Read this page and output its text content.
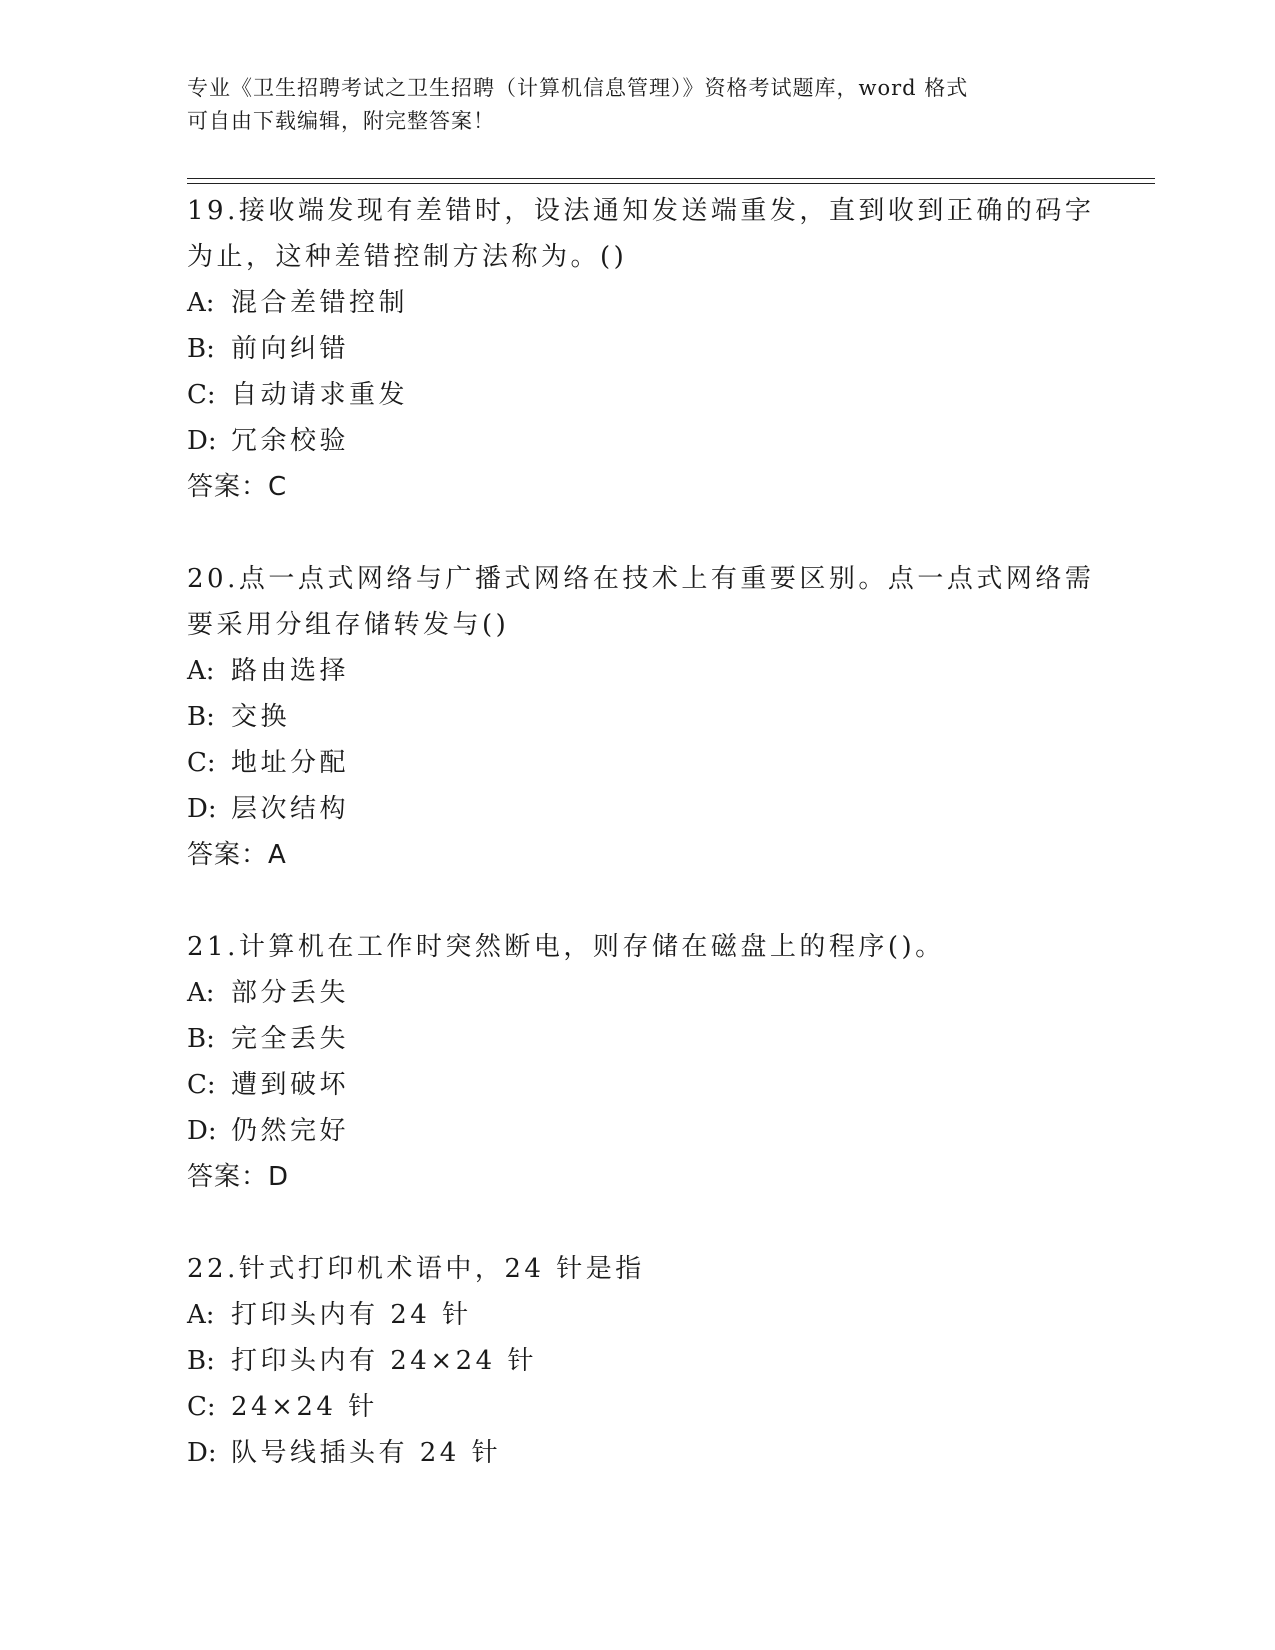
专业《卫生招聘考试之卫生招聘（计算机信息管理）》资格考试题库，word 格式
可自由下载编辑，附完整答案！
19.接收端发现有差错时，设法通知发送端重发，直到收到正确的码字
为止，这种差错控制方法称为。()
A: 混合差错控制
B: 前向纠错
C: 自动请求重发
D: 冗余校验
答案：C
20.点一点式网络与广播式网络在技术上有重要区别。点一点式网络需
要采用分组存储转发与()
A: 路由选择
B: 交换
C: 地址分配
D: 层次结构
答案：A
21.计算机在工作时突然断电，则存储在磁盘上的程序()。
A: 部分丢失
B: 完全丢失
C: 遭到破坏
D: 仍然完好
答案：D
22.针式打印机术语中，24 针是指
A: 打印头内有 24 针
B: 打印头内有 24×24 针
C: 24×24 针
D: 队号线插头有 24 针
